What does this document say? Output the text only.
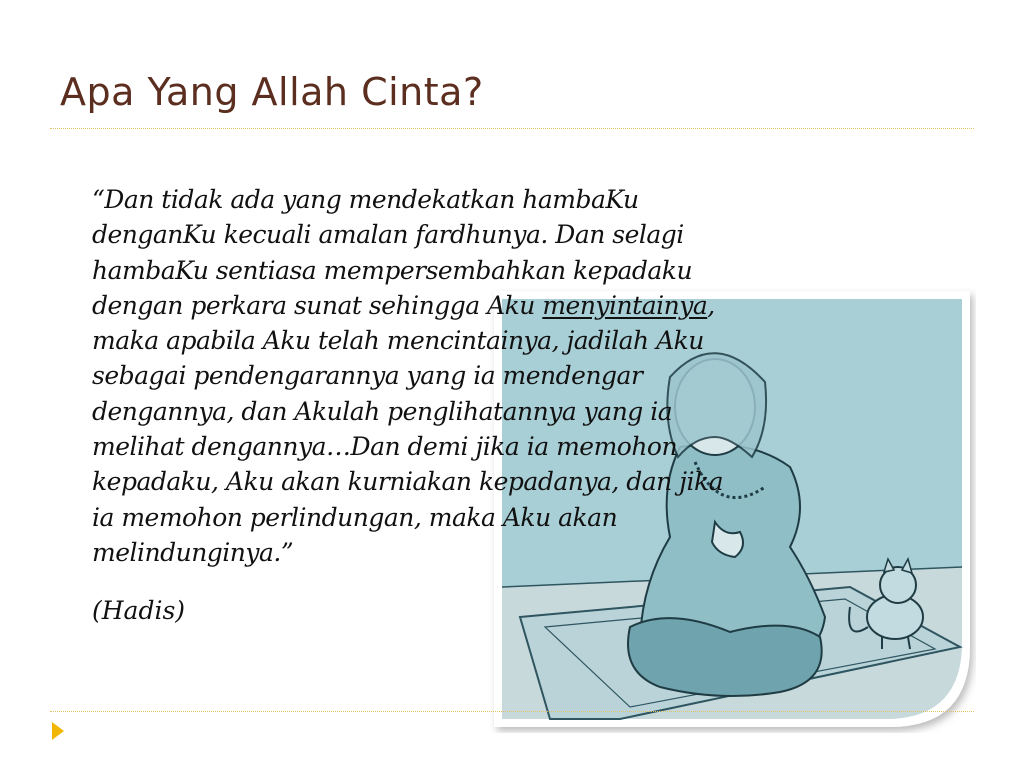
Apa Yang Allah Cinta?
“Dan tidak ada yang mendekatkan hambaKu
denganKu kecuali amalan fardhunya. Dan selagi
hambaKu sentiasa mempersembahkan kepadaku
dengan perkara sunat sehingga Aku menyintainya,
maka apabila Aku telah mencintainya, jadilah Aku
sebagai pendengarannya yang ia mendengar
dengannya, dan Akulah penglihatannya yang ia
melihat dengannya…Dan demi jika ia memohon
kepadaku, Aku akan kurniakan kepadanya, dan jika
ia memohon perlindungan, maka Aku akan
melindunginya.”
(Hadis)
